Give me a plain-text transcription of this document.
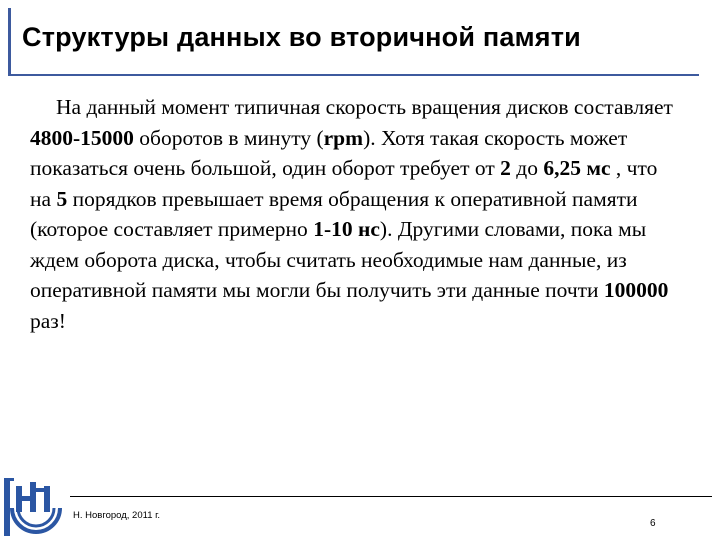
Структуры данных во вторичной памяти

На данный момент типичная скорость вращения дисков составляет 4800-15000 оборотов в минуту (rpm). Хотя такая скорость может показаться очень большой, один оборот требует от 2 до 6,25 мс , что на 5 порядков превышает время обращения к оперативной памяти (которое составляет примерно 1-10 нс). Другими словами, пока мы ждем оборота диска, чтобы считать необходимые нам данные, из оперативной памяти мы могли бы получить эти данные почти 100000 раз!

Н. Новгород, 2011 г.
6
